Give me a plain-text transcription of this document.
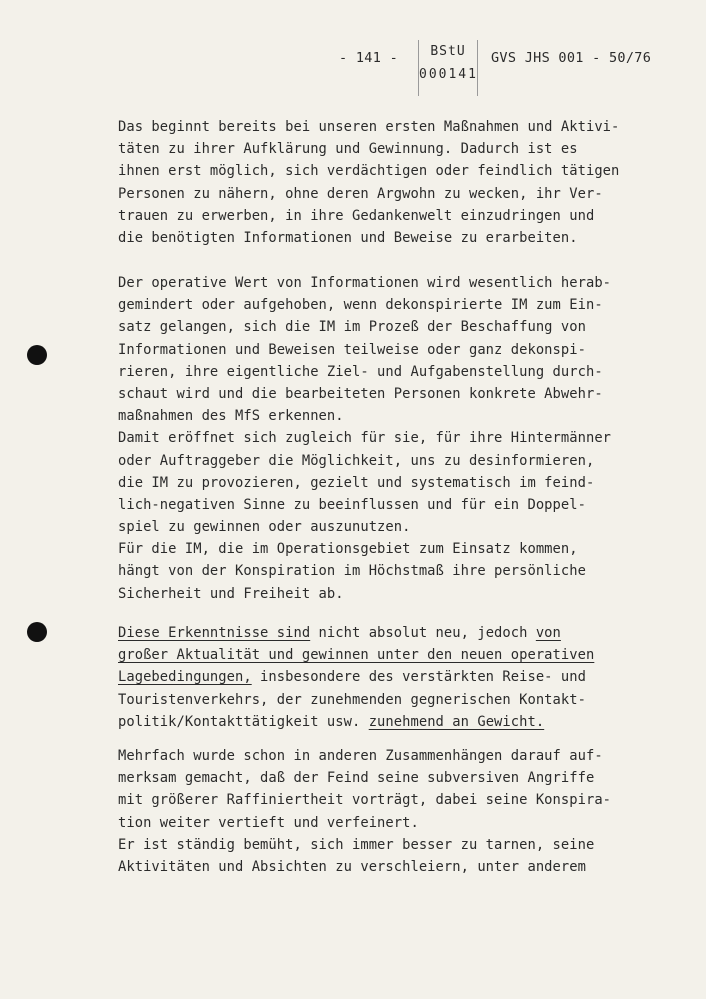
- 141 -	BStU
000141
GVS JHS 001 - 50/76
Das beginnt bereits bei unseren ersten Maßnahmen und Aktivi-
täten zu ihrer Aufklärung und Gewinnung. Dadurch ist es
ihnen erst möglich, sich verdächtigen oder feindlich tätigen
Personen zu nähern, ohne deren Argwohn zu wecken, ihr Ver-
trauen zu erwerben, in ihre Gedankenwelt einzudringen und
die benötigten Informationen und Beweise zu erarbeiten.
Der operative Wert von Informationen wird wesentlich herab-
gemindert oder aufgehoben, wenn dekonspirierte IM zum Ein-
satz gelangen, sich die IM im Prozeß der Beschaffung von
Informationen und Beweisen teilweise oder ganz dekonspi-
rieren, ihre eigentliche Ziel- und Aufgabenstellung durch-
schaut wird und die bearbeiteten Personen konkrete Abwehr-
maßnahmen des MfS erkennen.
Damit eröffnet sich zugleich für sie, für ihre Hintermänner
oder Auftraggeber die Möglichkeit, uns zu desinformieren,
die IM zu provozieren, gezielt und systematisch im feind-
lich-negativen Sinne zu beeinflussen und für ein Doppel-
spiel zu gewinnen oder auszunutzen.
Für die IM, die im Operationsgebiet zum Einsatz kommen,
hängt von der Konspiration im Höchstmaß ihre persönliche
Sicherheit und Freiheit ab.
Diese Erkenntnisse sind nicht absolut neu, jedoch von
großer Aktualität und gewinnen unter den neuen operativen
Lagebedingungen, insbesondere des verstärkten Reise- und
Touristenverkehrs, der zunehmenden gegnerischen Kontakt-
politik/Kontakttätigkeit usw. zunehmend an Gewicht.
Mehrfach wurde schon in anderen Zusammenhängen darauf auf-
merksam gemacht, daß der Feind seine subversiven Angriffe
mit größerer Raffiniertheit vorträgt, dabei seine Konspira-
tion weiter vertieft und verfeinert.
Er ist ständig bemüht, sich immer besser zu tarnen, seine
Aktivitäten und Absichten zu verschleiern, unter anderem
